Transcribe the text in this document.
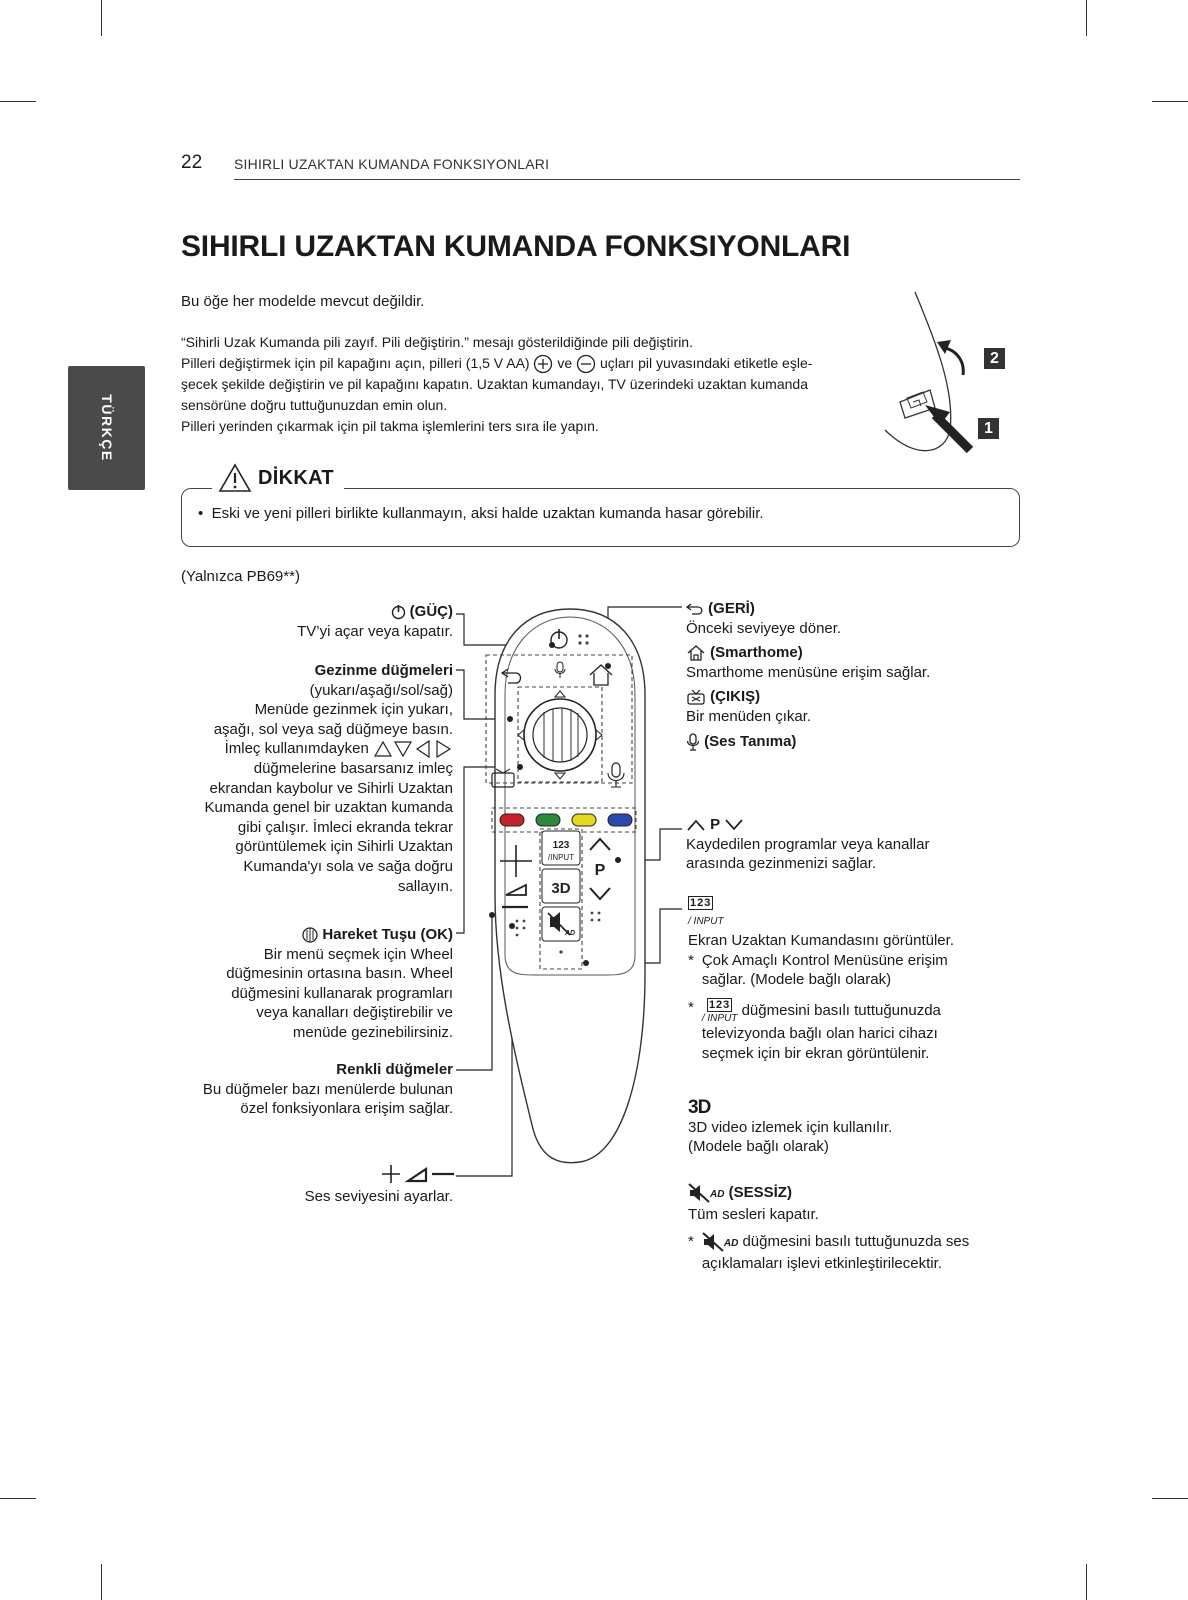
22 SIHIRLI UZAKTAN KUMANDA FONKSIYONLARI
TÜRKÇE
SIHIRLI UZAKTAN KUMANDA FONKSIYONLARI
Bu öğe her modelde mevcut değildir.
“Sihirli Uzak Kumanda pili zayıf. Pili değiştirin.” mesajı gösterildiğinde pili değiştirin.
Pilleri değiştirmek için pil kapağını açın, pilleri (1,5 V AA) ve uçları pil yuvasındaki etiketle eşle-
şecek şekilde değiştirin ve pil kapağını kapatın. Uzaktan kumandayı, TV üzerindeki uzaktan kumanda
sensörüne doğru tuttuğunuzdan emin olun.
Pilleri yerinden çıkarmak için pil takma işlemlerini ters sıra ile yapın.
2
1
DİKKAT
•  Eski ve yeni pilleri birlikte kullanmayın, aksi halde uzaktan kumanda hasar görebilir.
(Yalnızca PB69**)
(GÜÇ)
TV’yi açar veya kapatır.
Gezinme düğmeleri
(yukarı/aşağı/sol/sağ)
Menüde gezinmek için yukarı,
aşağı, sol veya sağ düğmeye basın.
İmleç kullanımdayken
düğmelerine basarsanız imleç
ekrandan kaybolur ve Sihirli Uzaktan
Kumanda genel bir uzaktan kumanda
gibi çalışır. İmleci ekranda tekrar
görüntülemek için Sihirli Uzaktan
Kumanda'yı sola ve sağa doğru
sallayın.
Hareket Tuşu (OK)
Bir menü seçmek için Wheel
düğmesinin ortasına basın. Wheel
düğmesini kullanarak programları
veya kanalları değiştirebilir ve
menüde gezinebilirsiniz.
Renkli düğmeler
Bu düğmeler bazı menülerde bulunan
özel fonksiyonlara erişim sağlar.
Ses seviyesini ayarlar.
(GERİ)
Önceki seviyeye döner.
(Smarthome)
Smarthome menüsüne erişim sağlar.
(ÇIKIŞ)
Bir menüden çıkar.
(Ses Tanıma)
P
Kaydedilen programlar veya kanallar
arasında gezinmenizi sağlar.
123
/ INPUT
Ekran Uzaktan Kumandasını görüntüler.
* Çok Amaçlı Kontrol Menüsüne erişim
sağlar. (Modele bağlı olarak)
*	123
/ INPUT düğmesini basılı tuttuğunuzda
televizyonda bağlı olan harici cihazı
seçmek için bir ekran görüntülenir.
3D
3D video izlemek için kullanılır.
(Modele bağlı olarak)
AD (SESSİZ)
Tüm sesleri kapatır.
*	AD düğmesini basılı tuttuğunuzda ses
açıklamaları işlevi etkinleştirilecektir.
123
/INPUT
3D
AD
P
